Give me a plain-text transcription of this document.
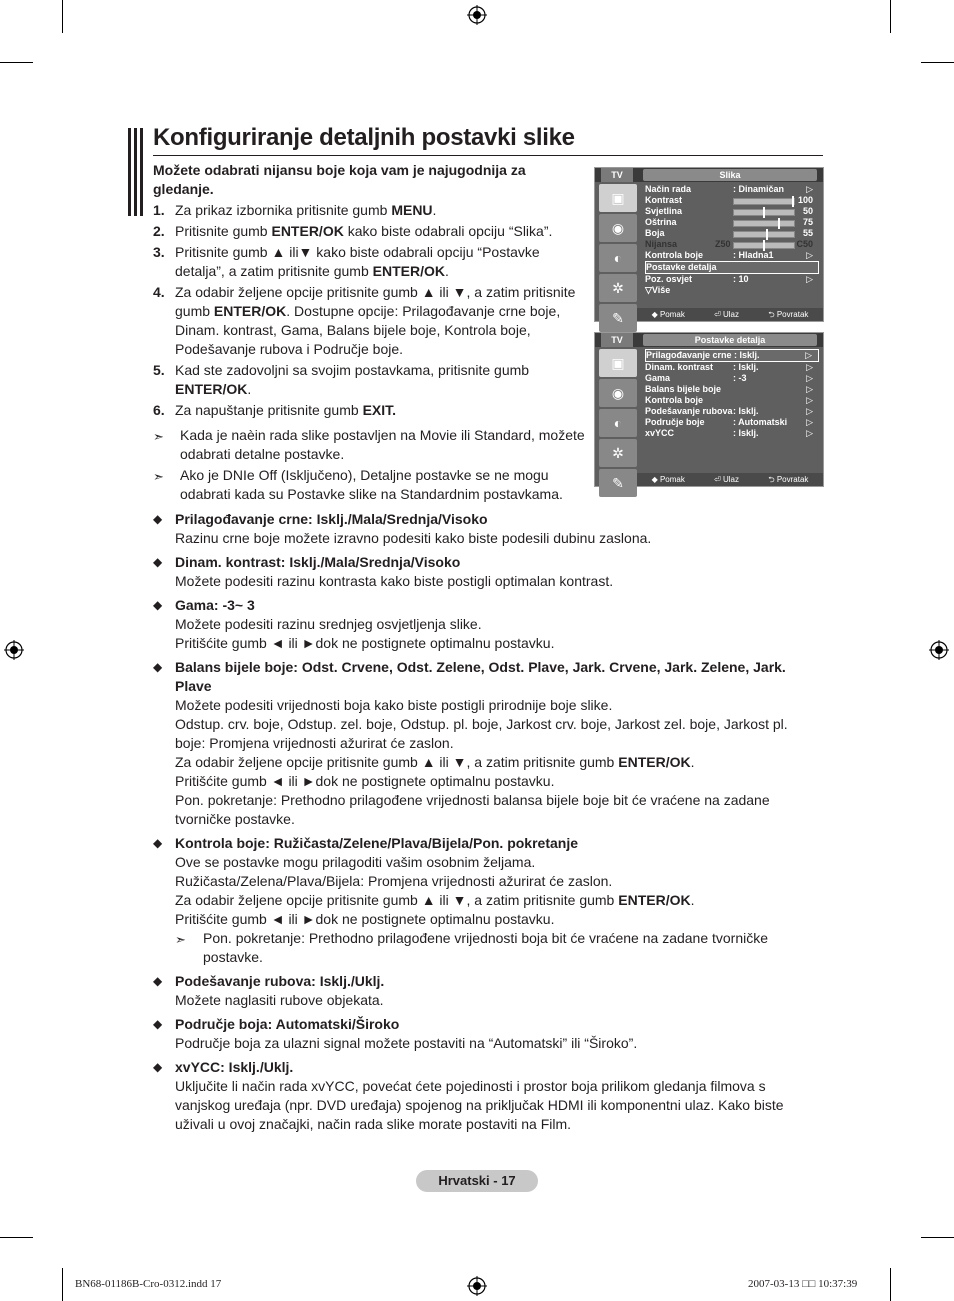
Konfiguriranje detaljnih postavki slike
Možete odabrati nijansu boje koja vam je najugodnija za gledanje.
1. Za prikaz izbornika pritisnite gumb MENU.
2. Pritisnite gumb ENTER/OK kako biste odabrali opciju “Slika”.
3. Pritisnite gumb ▲ ili▼ kako biste odabrali opciju “Postavke detalja”, a zatim pritisnite gumb ENTER/OK.
4. Za odabir željene opcije pritisnite gumb ▲ ili ▼, a zatim pritisnite gumb ENTER/OK. Dostupne opcije: Prilagođavanje crne boje, Dinam. kontrast, Gama, Balans bijele boje, Kontrola boje, Podešavanje rubova i Područje boje.
5. Kad ste zadovoljni sa svojim postavkama, pritisnite gumb ENTER/OK.
6. Za napuštanje pritisnite gumb EXIT.
➣ Kada je naèin rada slike postavljen na Movie ili Standard, možete odabrati detalne postavke.
➣ Ako je DNIe Off (Isključeno), Detaljne postavke se ne mogu odabrati kada su Postavke slike na Standardnim postavkama.
◆ Prilagođavanje crne: Isklj./Mala/Srednja/Visoko
Razinu crne boje možete izravno podesiti kako biste podesili dubinu zaslona.
◆ Dinam. kontrast: Isklj./Mala/Srednja/Visoko
Možete podesiti razinu kontrasta kako biste postigli optimalan kontrast.
◆ Gama: -3~ 3
Možete podesiti razinu srednjeg osvjetljenja slike.
Pritišćite gumb ◄ ili ►dok ne postignete optimalnu postavku.
◆ Balans bijele boje: Odst. Crvene, Odst. Zelene, Odst. Plave, Jark. Crvene, Jark. Zelene, Jark. Plave
Možete podesiti vrijednosti boja kako biste postigli prirodnije boje slike.
Odstup. crv. boje, Odstup. zel. boje, Odstup. pl. boje, Jarkost crv. boje, Jarkost zel. boje, Jarkost pl. boje: Promjena vrijednosti ažurirat će zaslon.
Za odabir željene opcije pritisnite gumb ▲ ili ▼, a zatim pritisnite gumb ENTER/OK.
Pritišćite gumb ◄ ili ►dok ne postignete optimalnu postavku.
Pon. pokretanje: Prethodno prilagođene vrijednosti balansa bijele boje bit će vraćene na zadane tvorničke postavke.
◆ Kontrola boje: Ružičasta/Zelene/Plava/Bijela/Pon. pokretanje
Ove se postavke mogu prilagoditi vašim osobnim željama.
Ružičasta/Zelena/Plava/Bijela: Promjena vrijednosti ažurirat će zaslon.
Za odabir željene opcije pritisnite gumb ▲ ili ▼, a zatim pritisnite gumb ENTER/OK.
Pritišćite gumb ◄ ili ►dok ne postignete optimalnu postavku.
➣ Pon. pokretanje: Prethodno prilagođene vrijednosti boja bit će vraćene na zadane tvorničke postavke.
◆ Podešavanje rubova: Isklj./Uklj.
Možete naglasiti rubove objekata.
◆ Područje boja: Automatski/Široko
Područje boja za ulazni signal možete postaviti na “Automatski” ili “Široko”.
◆ xvYCC: Isklj./Uklj.
Uključite li način rada xvYCC, povećat ćete pojedinosti i prostor boja prilikom gledanja filmova s vanjskog uređaja (npr. DVD uređaja) spojenog na priključak HDMI ili komponentni ulaz. Kako biste uživali u ovoj značajki, način rada slike morate postaviti na Film.
TV	Slika
▣
◉
◐
✲
✎
Način rada	: Dinamičan ▷
Kontrast	100
Svjetlina	50
Oštrina	75
Boja	55
Nijansa	Z50	C50
Kontrola boje	: Hladna1	▷
Postavke detalja
Poz. osvjet	: 10	▷
▽Više
◆ Pomak	⏎ Ulaz	⮌ Povratak
TV	Postavke detalja
▣
◉
◐
✲
✎
Prilagođavanje crne : Isklj.	▷
Dinam. kontrast : Isklj.	▷
Gama	: -3	▷
Balans bijele boje	▷
Kontrola boje	▷
Podešavanje rubova : Isklj.	▷
Područje boje	: Automatski ▷
xvYCC	: Isklj.	▷
◆ Pomak	⏎ Ulaz	⮌ Povratak
Hrvatski - 17
BN68-01186B-Cro-0312.indd 17	2007-03-13 □□ 10:37:39
